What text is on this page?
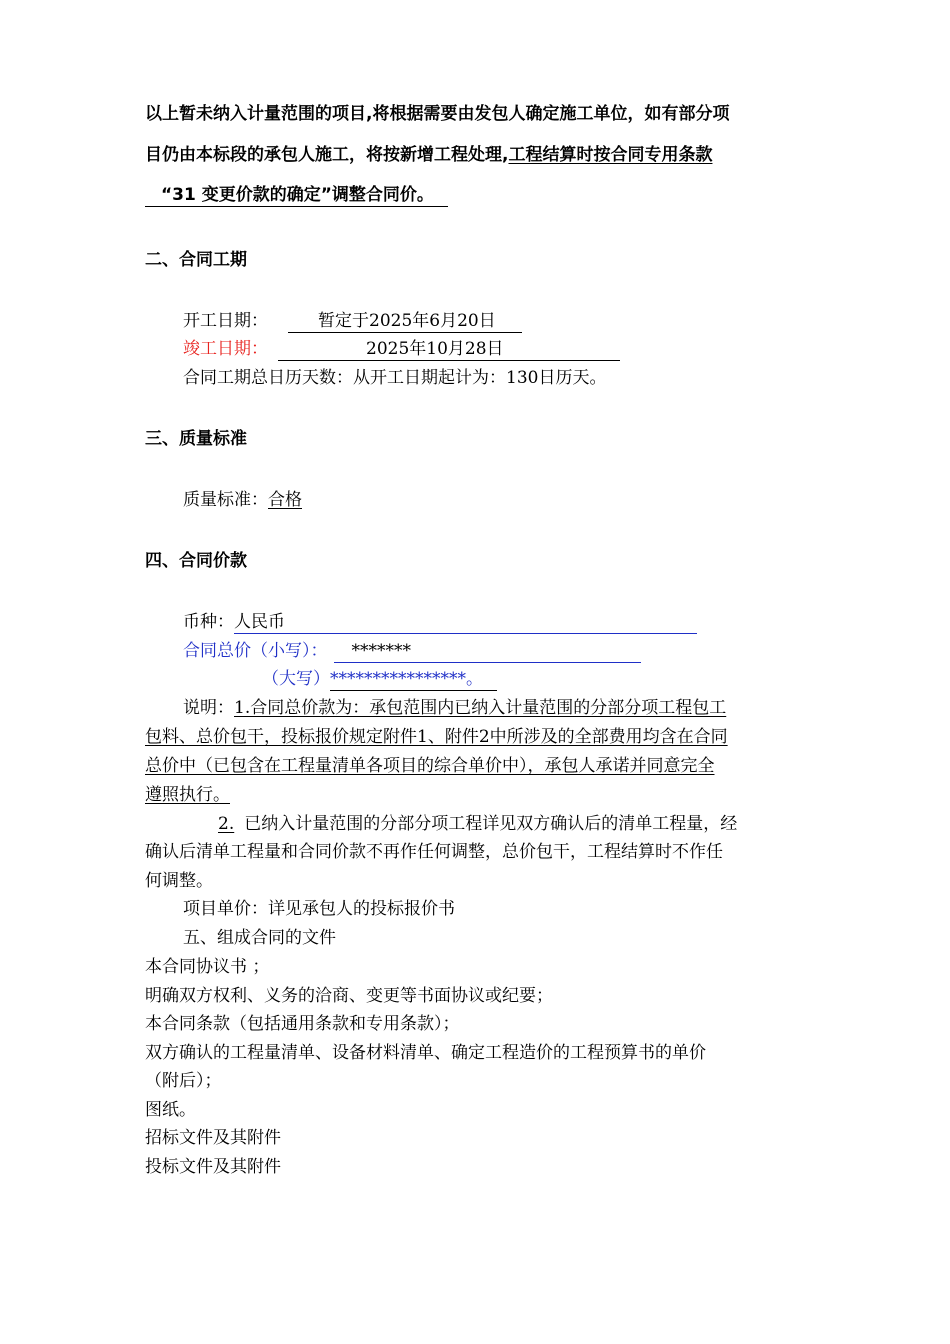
以上暂未纳入计量范围的项目,将根据需要由发包人确定施工单位，如有部分项
目仍由本标段的承包人施工，将按新增工程处理,工程结算时按合同专用条款
“31 变更价款的确定”调整合同价。
二、合同工期
开工日期：	暂定于2025年6月20日
竣工日期：	2025年10月28日
合同工期总日历天数：从开工日期起计为：130日历天。
三、质量标准
质量标准：合格
四、合同价款
币种：人民币
合同总价（小写）： *******
（大写）****************。
说明：1.合同总价款为：承包范围内已纳入计量范围的分部分项工程包工
包料、总价包干，投标报价规定附件1、附件2中所涉及的全部费用均含在合同
总价中（已包含在工程量清单各项目的综合单价中），承包人承诺并同意完全
遵照执行。
2. 已纳入计量范围的分部分项工程详见双方确认后的清单工程量，经
确认后清单工程量和合同价款不再作任何调整，总价包干，工程结算时不作任
何调整。
项目单价：详见承包人的投标报价书
五、组成合同的文件
本合同协议书 ；
明确双方权利、义务的洽商、变更等书面协议或纪要；
本合同条款（包括通用条款和专用条款）；
双方确认的工程量清单、设备材料清单、确定工程造价的工程预算书的单价
（附后）；
图纸。
招标文件及其附件
投标文件及其附件
